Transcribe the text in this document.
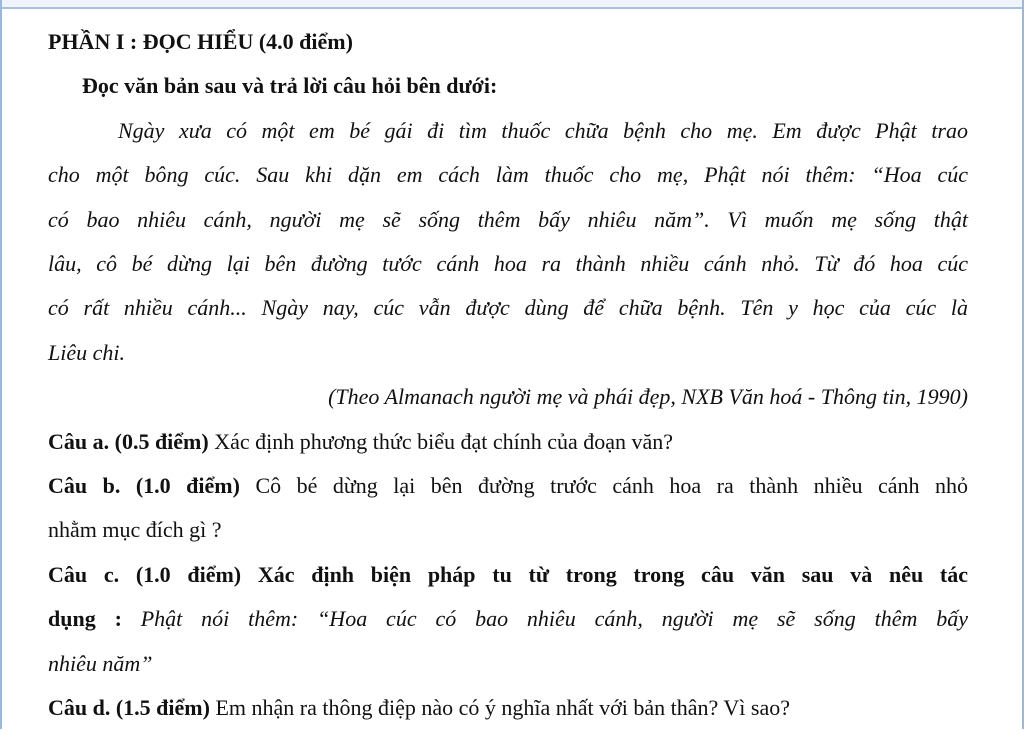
PHẦN I : ĐỌC HIỂU (4.0 điểm)
Đọc văn bản sau và trả lời câu hỏi bên dưới:
Ngày xưa có một em bé gái đi tìm thuốc chữa bệnh cho mẹ. Em được Phật trao
cho một bông cúc. Sau khi dặn em cách làm thuốc cho mẹ, Phật nói thêm: “Hoa cúc
có bao nhiêu cánh, người mẹ sẽ sống thêm bấy nhiêu năm”. Vì muốn mẹ sống thật
lâu, cô bé dừng lại bên đường tước cánh hoa ra thành nhiều cánh nhỏ. Từ đó hoa cúc
có rất nhiều cánh... Ngày nay, cúc vẫn được dùng để chữa bệnh. Tên y học của cúc là
Liêu chi.
(Theo Almanach người mẹ và phái đẹp, NXB Văn hoá - Thông tin, 1990)
Câu a. (0.5 điểm) Xác định phương thức biểu đạt chính của đoạn văn?
Câu b. (1.0 điểm) Cô bé dừng lại bên đường trước cánh hoa ra thành nhiều cánh nhỏ
nhằm mục đích gì ?
Câu c. (1.0 điểm) Xác định biện pháp tu từ trong trong câu văn sau và nêu tác
dụng : Phật nói thêm: “Hoa cúc có bao nhiêu cánh, người mẹ sẽ sống thêm bấy
nhiêu năm”
Câu d. (1.5 điểm) Em nhận ra thông điệp nào có ý nghĩa nhất với bản thân? Vì sao?
